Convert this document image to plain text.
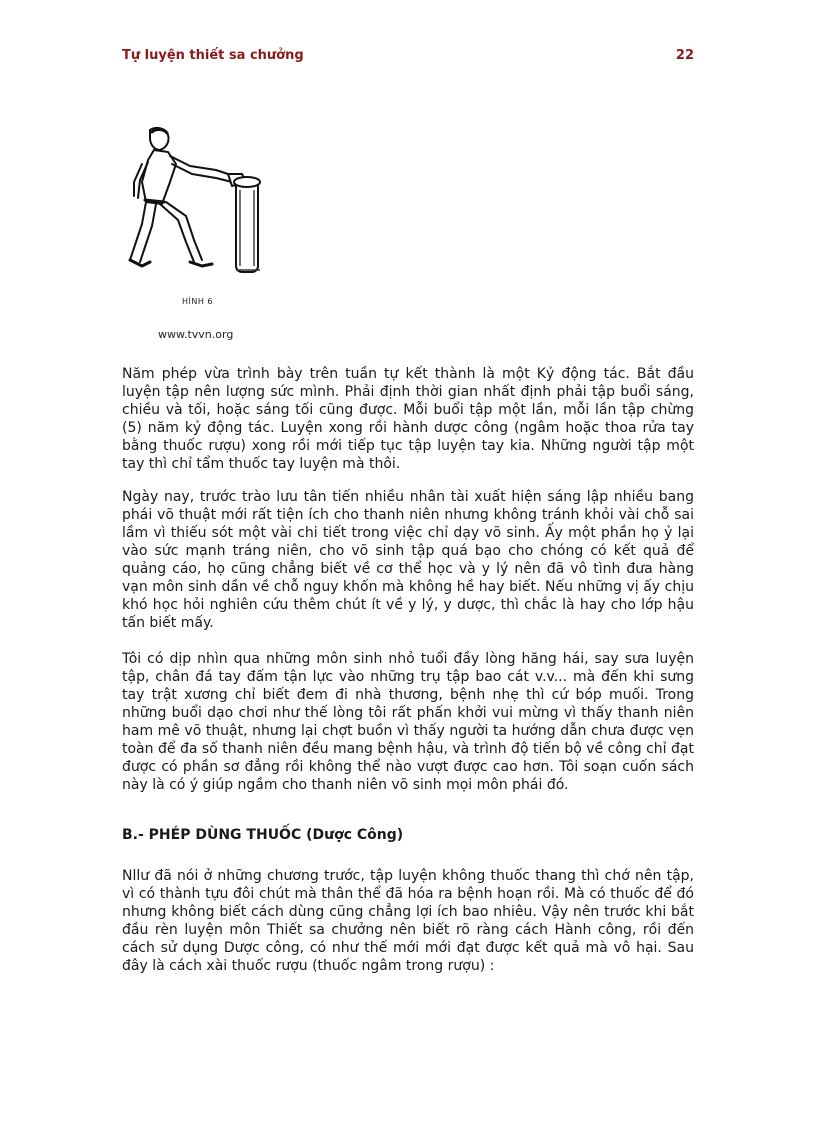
Tự luyện thiết sa chưởng	22
HÌNH 6
www.tvvn.org

Năm phép vừa trình bày trên tuần tự kết thành là một Kỷ động tác. Bắt đầu luyện tập nên lượng sức mình. Phải định thời gian nhất định phải tập buổi sáng, chiều và tối, hoặc sáng tối cũng được. Mỗi buổi tập một lần, mỗi lần tập chừng (5) năm kỷ động tác. Luyện xong rồi hành dược công (ngâm hoặc thoa rửa tay bằng thuốc rượu) xong rồi mới tiếp tục tập luyện tay kia. Những người tập một tay thì chỉ tẩm thuốc tay luyện mà thôi.

Ngày nay, trước trào lưu tân tiến nhiều nhân tài xuất hiện sáng lập nhiều bang phái võ thuật mới rất tiện ích cho thanh niên nhưng không tránh khỏi vài chỗ sai lầm vì thiếu sót một vài chi tiết trong việc chỉ dạy võ sinh. Ấy một phần họ ỷ lại vào sức mạnh tráng niên, cho võ sinh tập quá bạo cho chóng có kết quả để quảng cáo, họ cũng chẳng biết về cơ thể học và y lý nên đã vô tình đưa hàng vạn môn sinh dần về chỗ nguy khốn mà không hề hay biết. Nếu những vị ấy chịu khó học hỏi nghiên cứu thêm chút ít về y lý, y dược, thì chắc là hay cho lớp hậu tấn biết mấy.

Tôi có dịp nhìn qua những môn sinh nhỏ tuổi đầy lòng hăng hái, say sưa luyện tập, chân đá tay đấm tận lực vào những trụ tập bao cát v.v... mà đến khi sưng tay trật xương chỉ biết đem đi nhà thương, bệnh nhẹ thì cứ bóp muối. Trong những buổi dạo chơi như thế lòng tôi rất phấn khởi vui mừng vì thấy thanh niên ham mê võ thuật, nhưng lại chợt buồn vì thấy người ta hướng dẫn chưa được vẹn toàn để đa số thanh niên đều mang bệnh hậu, và trình độ tiến bộ về công chỉ đạt được có phần sơ đẳng rồi không thể nào vượt được cao hơn. Tôi soạn cuốn sách này là có ý giúp ngầm cho thanh niên võ sinh mọi môn phái đó.

B.- PHÉP DÙNG THUỐC (Dược Công)

Nllư đã nói ở những chương trước, tập luyện không thuốc thang thì chớ nên tập, vì có thành tựu đôi chút mà thân thể đã hóa ra bệnh hoạn rồi. Mà có thuốc để đó nhưng không biết cách dùng cũng chẳng lợi ích bao nhiêu. Vậy nên trước khi bắt đầu rèn luyện môn Thiết sa chưởng nên biết rõ ràng cách Hành công, rồi đến cách sử dụng Dược công, có như thế mới mới đạt được kết quả mà vô hại. Sau đây là cách xài thuốc rượu (thuốc ngâm trong rượu) :
